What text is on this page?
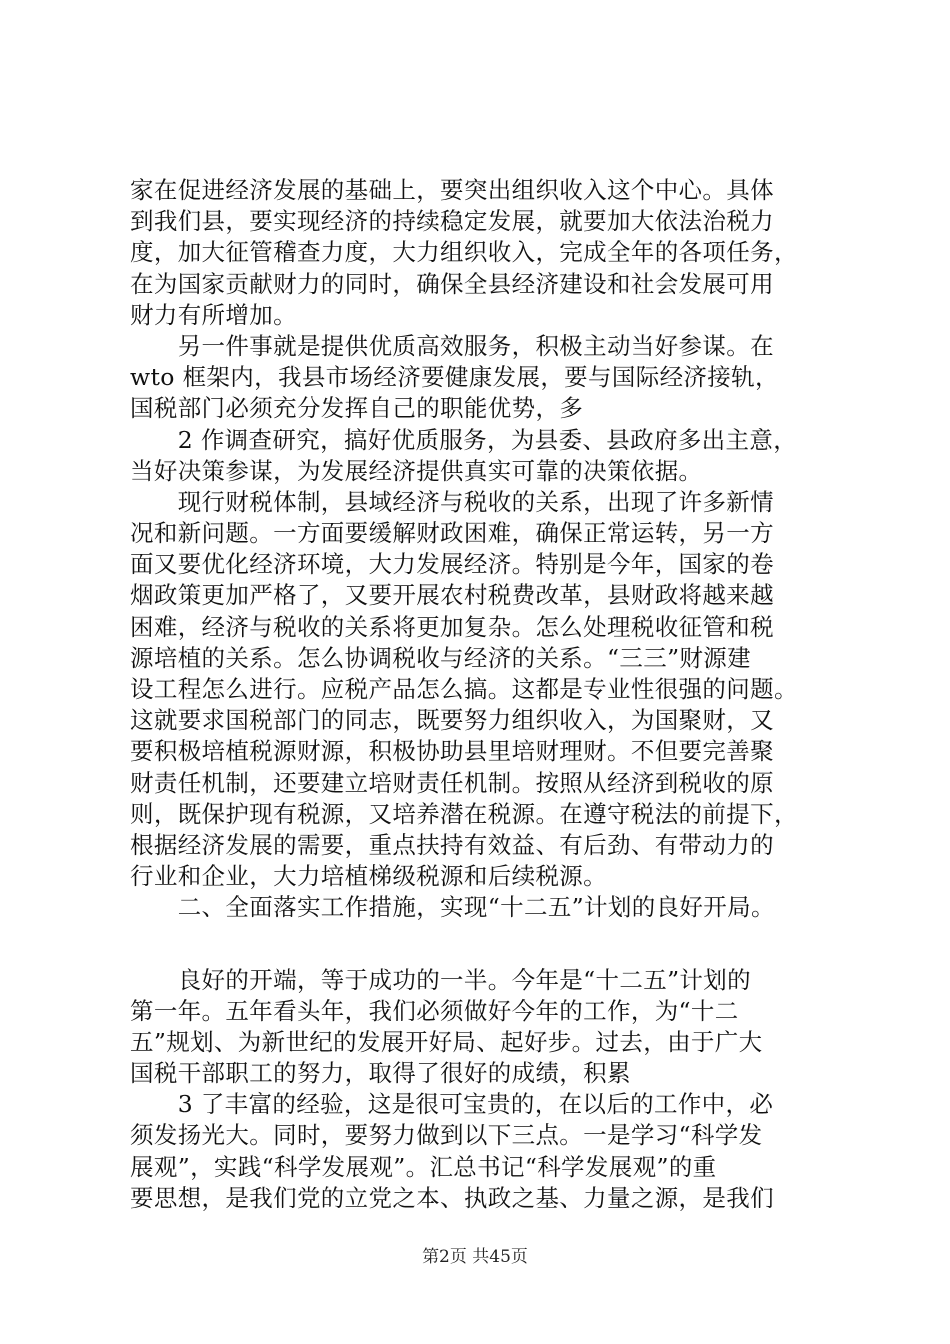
家在促进经济发展的基础上，要突出组织收入这个中心。具体
到我们县，要实现经济的持续稳定发展，就要加大依法治税力
度，加大征管稽查力度，大力组织收入，完成全年的各项任务，
在为国家贡献财力的同时，确保全县经济建设和社会发展可用
财力有所增加。
　　另一件事就是提供优质高效服务，积极主动当好参谋。在
wto 框架内，我县市场经济要健康发展，要与国际经济接轨，
国税部门必须充分发挥自己的职能优势，多
　　2 作调查研究，搞好优质服务，为县委、县政府多出主意，
当好决策参谋，为发展经济提供真实可靠的决策依据。
　　现行财税体制，县域经济与税收的关系，出现了许多新情
况和新问题。一方面要缓解财政困难，确保正常运转，另一方
面又要优化经济环境，大力发展经济。特别是今年，国家的卷
烟政策更加严格了，又要开展农村税费改革，县财政将越来越
困难，经济与税收的关系将更加复杂。怎么处理税收征管和税
源培植的关系。怎么协调税收与经济的关系。“三三”财源建
设工程怎么进行。应税产品怎么搞。这都是专业性很强的问题。
这就要求国税部门的同志，既要努力组织收入，为国聚财，又
要积极培植税源财源，积极协助县里培财理财。不但要完善聚
财责任机制，还要建立培财责任机制。按照从经济到税收的原
则，既保护现有税源，又培养潜在税源。在遵守税法的前提下，
根据经济发展的需要，重点扶持有效益、有后劲、有带动力的
行业和企业，大力培植梯级税源和后续税源。
　　二、全面落实工作措施，实现“十二五”计划的良好开局。
　　良好的开端，等于成功的一半。今年是“十二五”计划的
第一年。五年看头年，我们必须做好今年的工作，为“十二
五”规划、为新世纪的发展开好局、起好步。过去，由于广大
国税干部职工的努力，取得了很好的成绩，积累
　　3 了丰富的经验，这是很可宝贵的，在以后的工作中，必
须发扬光大。同时，要努力做到以下三点。一是学习“科学发
展观”，实践“科学发展观”。汇总书记“科学发展观”的重
要思想，是我们党的立党之本、执政之基、力量之源，是我们
第2页 共45页
